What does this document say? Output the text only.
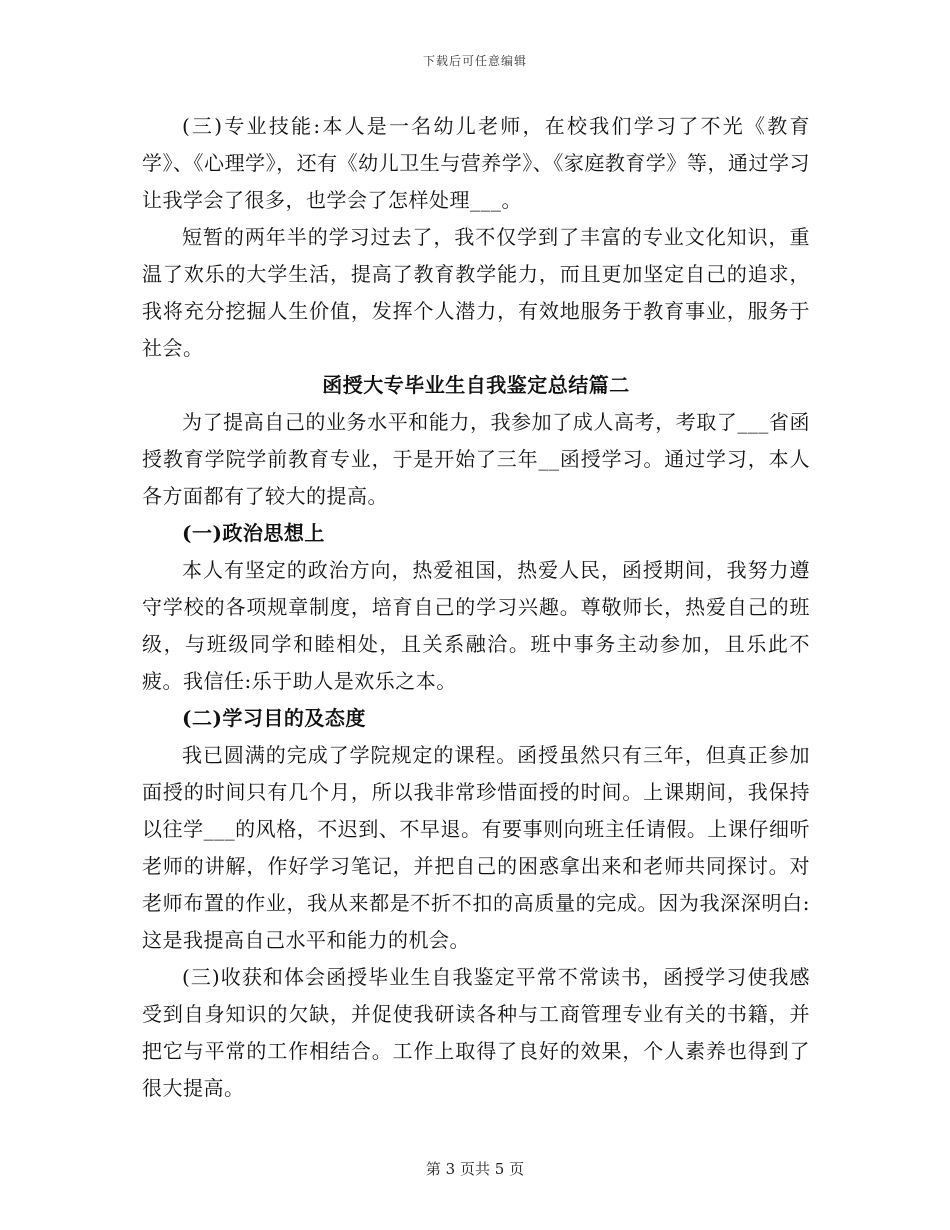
下载后可任意编辑

(三)专业技能:本人是一名幼儿老师，在校我们学习了不光《教育学》、《心理学》，还有《幼儿卫生与营养学》、《家庭教育学》等，通过学习让我学会了很多，也学会了怎样处理___。

短暂的两年半的学习过去了，我不仅学到了丰富的专业文化知识，重温了欢乐的大学生活，提高了教育教学能力，而且更加坚定自己的追求，我将充分挖掘人生价值，发挥个人潜力，有效地服务于教育事业，服务于社会。

函授大专毕业生自我鉴定总结篇二

为了提高自己的业务水平和能力，我参加了成人高考，考取了___省函授教育学院学前教育专业，于是开始了三年__函授学习。通过学习，本人各方面都有了较大的提高。

(一)政治思想上

本人有坚定的政治方向，热爱祖国，热爱人民，函授期间，我努力遵守学校的各项规章制度，培育自己的学习兴趣。尊敬师长，热爱自己的班级，与班级同学和睦相处，且关系融洽。班中事务主动参加，且乐此不疲。我信任:乐于助人是欢乐之本。

(二)学习目的及态度

我已圆满的完成了学院规定的课程。函授虽然只有三年，但真正参加面授的时间只有几个月，所以我非常珍惜面授的时间。上课期间，我保持以往学___的风格，不迟到、不早退。有要事则向班主任请假。上课仔细听老师的讲解，作好学习笔记，并把自己的困惑拿出来和老师共同探讨。对老师布置的作业，我从来都是不折不扣的高质量的完成。因为我深深明白:这是我提高自己水平和能力的机会。

(三)收获和体会函授毕业生自我鉴定平常不常读书，函授学习使我感受到自身知识的欠缺，并促使我研读各种与工商管理专业有关的书籍，并把它与平常的工作相结合。工作上取得了良好的效果，个人素养也得到了很大提高。

第 3 页共 5 页
